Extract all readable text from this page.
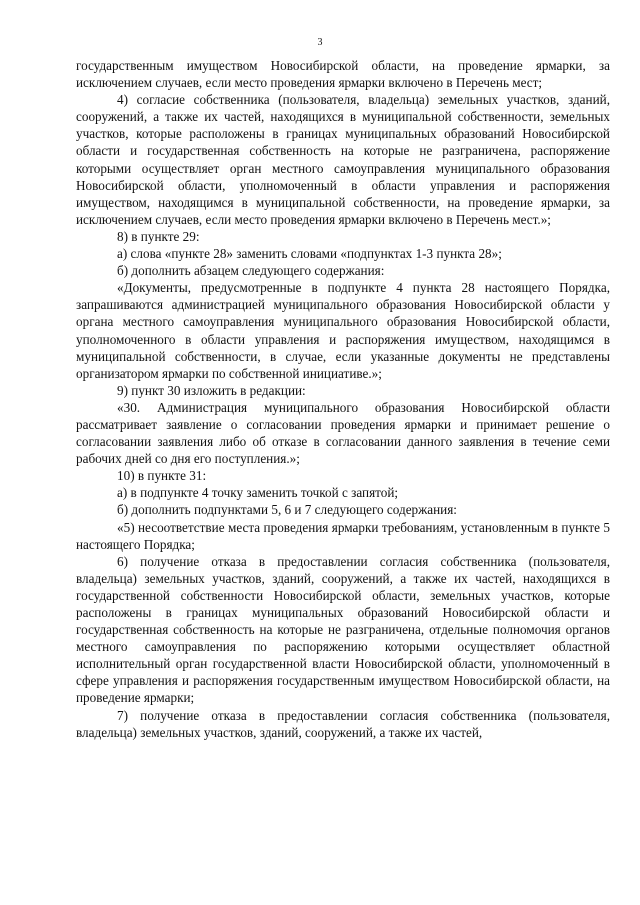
3

государственным имуществом Новосибирской области, на проведение ярмарки, за исключением случаев, если место проведения ярмарки включено в Перечень мест;

4) согласие собственника (пользователя, владельца) земельных участков, зданий, сооружений, а также их частей, находящихся в муниципальной собственности, земельных участков, которые расположены в границах муниципальных образований Новосибирской области и государственная собственность на которые не разграничена, распоряжение которыми осуществляет орган местного самоуправления муниципального образования Новосибирской области, уполномоченный в области управления и распоряжения имуществом, находящимся в муниципальной собственности, на проведение ярмарки, за исключением случаев, если место проведения ярмарки включено в Перечень мест.»;

8) в пункте 29:

а) слова «пункте 28» заменить словами «подпунктах 1-3 пункта 28»;

б) дополнить абзацем следующего содержания:

«Документы, предусмотренные в подпункте 4 пункта 28 настоящего Порядка, запрашиваются администрацией муниципального образования Новосибирской области у органа местного самоуправления муниципального образования Новосибирской области, уполномоченного в области управления и распоряжения имуществом, находящимся в муниципальной собственности, в случае, если указанные документы не представлены организатором ярмарки по собственной инициативе.»;

9) пункт 30 изложить в редакции:

«30. Администрация муниципального образования Новосибирской области рассматривает заявление о согласовании проведения ярмарки и принимает решение о согласовании заявления либо об отказе в согласовании данного заявления в течение семи рабочих дней со дня его поступления.»;

10) в пункте 31:

а) в подпункте 4 точку заменить точкой с запятой;

б) дополнить подпунктами 5, 6 и 7 следующего содержания:

«5) несоответствие места проведения ярмарки требованиям, установленным в пункте 5 настоящего Порядка;

6) получение отказа в предоставлении согласия собственника (пользователя, владельца) земельных участков, зданий, сооружений, а также их частей, находящихся в государственной собственности Новосибирской области, земельных участков, которые расположены в границах муниципальных образований Новосибирской области и государственная собственность на которые не разграничена, отдельные полномочия органов местного самоуправления по распоряжению которыми осуществляет областной исполнительный орган государственной власти Новосибирской области, уполномоченный в сфере управления и распоряжения государственным имуществом Новосибирской области, на проведение ярмарки;

7) получение отказа в предоставлении согласия собственника (пользователя, владельца) земельных участков, зданий, сооружений, а также их частей,
